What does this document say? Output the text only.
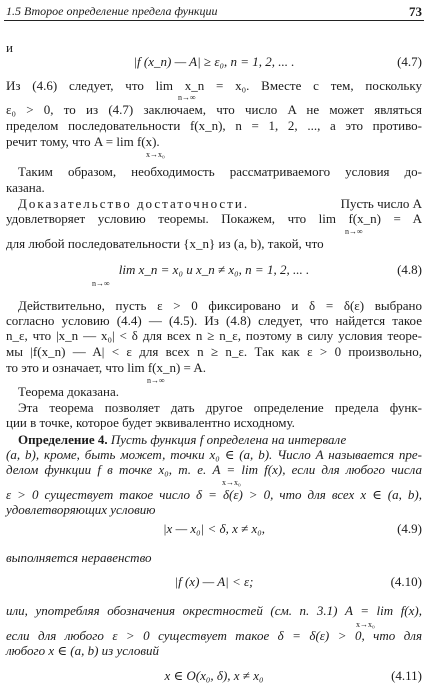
1.5 Второе определение предела функции	73
и
|f (x_n) — A| ≥ ε₀, n = 1, 2, ... .	(4.7)
Из (4.6) следует, что lim x_n = x₀. Вместе с тем, поскольку
n→∞
ε₀ > 0, то из (4.7) заключаем, что число A не может являться
пределом последовательности f(x_n), n = 1, 2, ..., а это противо-
речит тому, что A = lim f(x).
x→x₀
Таким образом, необходимость рассматриваемого условия до-
казана.
Доказательство достаточности.	Пусть число A
удовлетворяет условию теоремы. Покажем, что lim f(x_n) = A
n→∞
для любой последовательности {x_n} из (a, b), такой, что
lim x_n = x₀ и x_n ≠ x₀, n = 1, 2, ... .
n→∞
(4.8)
Действительно, пусть ε > 0 фиксировано и δ = δ(ε) выбрано
согласно условию (4.4) — (4.5). Из (4.8) следует, что найдется такое
n_ε, что |x_n — x₀| < δ для всех n ≥ n_ε, поэтому в силу условия теоре-
мы |f(x_n) — A| < ε для всех n ≥ n_ε. Так как ε > 0 произвольно,
то это и означает, что lim f(x_n) = A.
n→∞
Теорема доказана.
Эта теорема позволяет дать другое определение предела функ-
ции в точке, которое будет эквивалентно исходному.
Определение 4. Пусть функция f определена на интервале
(a, b), кроме, быть может, точки x₀ ∈ (a, b). Число A называется пре-
делом функции f в точке x₀, т. е. A = lim f(x), если для любого числа
x→x₀
ε > 0 существует такое число δ = δ(ε) > 0, что для всех x ∈ (a, b),
удовлетворяющих условию
|x — x₀| < δ, x ≠ x₀,	(4.9)
выполняется неравенство
|f (x) — A| < ε;	(4.10)
или, употребляя обозначения окрестностей (см. п. 3.1) A = lim f(x),
x→x₀
если для любого ε > 0 существует такое δ = δ(ε) > 0, что для
любого x ∈ (a, b) из условий
x ∈ O(x₀, δ), x ≠ x₀	(4.11)
